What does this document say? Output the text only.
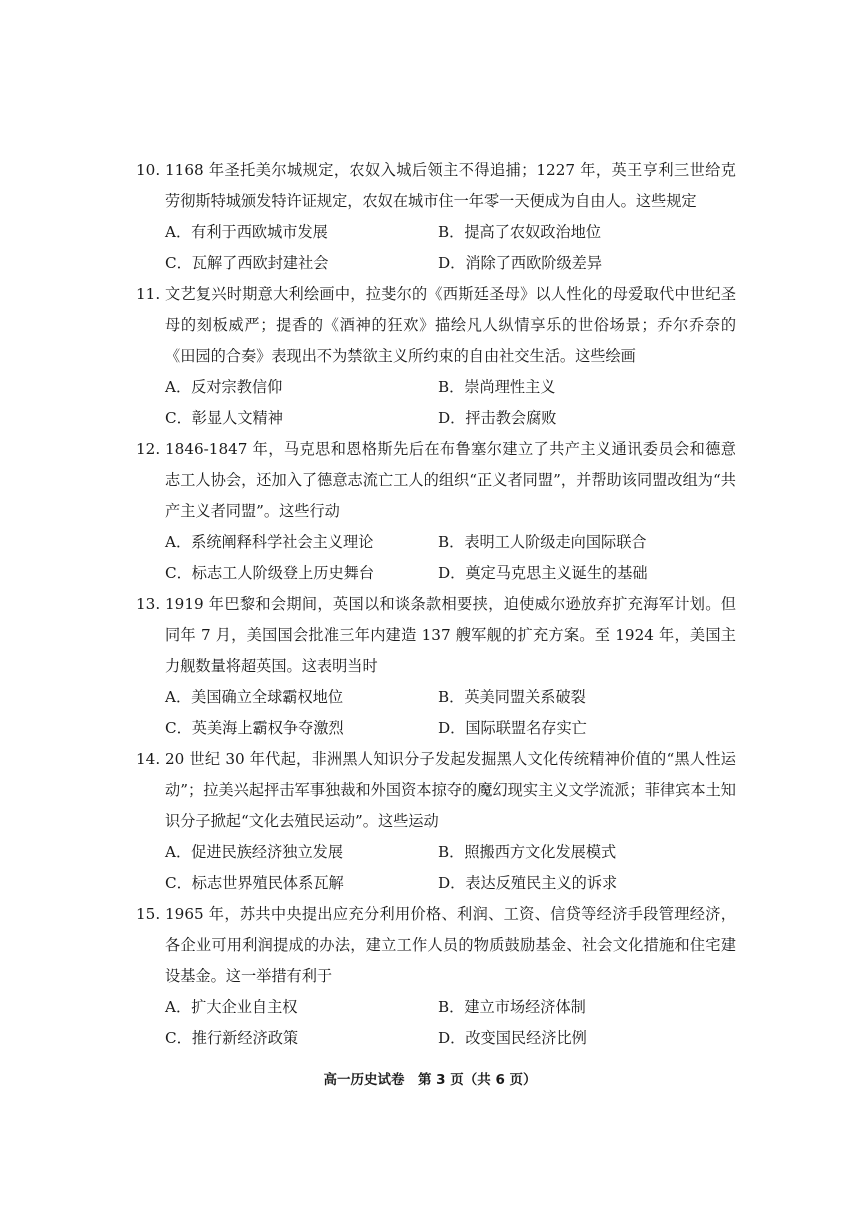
10. 1168 年圣托美尔城规定，农奴入城后领主不得追捕；1227 年，英王亨利三世给克劳彻斯特城颁发特许证规定，农奴在城市住一年零一天便成为自由人。这些规定
A．有利于西欧城市发展	B．提高了农奴政治地位
C．瓦解了西欧封建社会	D．消除了西欧阶级差异
11. 文艺复兴时期意大利绘画中，拉斐尔的《西斯廷圣母》以人性化的母爱取代中世纪圣母的刻板威严；提香的《酒神的狂欢》描绘凡人纵情享乐的世俗场景；乔尔乔奈的《田园的合奏》表现出不为禁欲主义所约束的自由社交生活。这些绘画
A．反对宗教信仰	B．崇尚理性主义
C．彰显人文精神	D．抨击教会腐败
12. 1846-1847 年，马克思和恩格斯先后在布鲁塞尔建立了共产主义通讯委员会和德意志工人协会，还加入了德意志流亡工人的组织“正义者同盟”，并帮助该同盟改组为“共产主义者同盟”。这些行动
A．系统阐释科学社会主义理论	B．表明工人阶级走向国际联合
C．标志工人阶级登上历史舞台	D．奠定马克思主义诞生的基础
13. 1919 年巴黎和会期间，英国以和谈条款相要挟，迫使威尔逊放弃扩充海军计划。但同年 7 月，美国国会批准三年内建造 137 艘军舰的扩充方案。至 1924 年，美国主力舰数量将超英国。这表明当时
A．美国确立全球霸权地位	B．英美同盟关系破裂
C．英美海上霸权争夺激烈	D．国际联盟名存实亡
14. 20 世纪 30 年代起，非洲黑人知识分子发起发掘黑人文化传统精神价值的“黑人性运动”；拉美兴起抨击军事独裁和外国资本掠夺的魔幻现实主义文学流派；菲律宾本土知识分子掀起“文化去殖民运动”。这些运动
A．促进民族经济独立发展	B．照搬西方文化发展模式
C．标志世界殖民体系瓦解	D．表达反殖民主义的诉求
15. 1965 年，苏共中央提出应充分利用价格、利润、工资、信贷等经济手段管理经济，各企业可用利润提成的办法，建立工作人员的物质鼓励基金、社会文化措施和住宅建设基金。这一举措有利于
A．扩大企业自主权	B．建立市场经济体制
C．推行新经济政策	D．改变国民经济比例
高一历史试卷　第 3 页（共 6 页）
